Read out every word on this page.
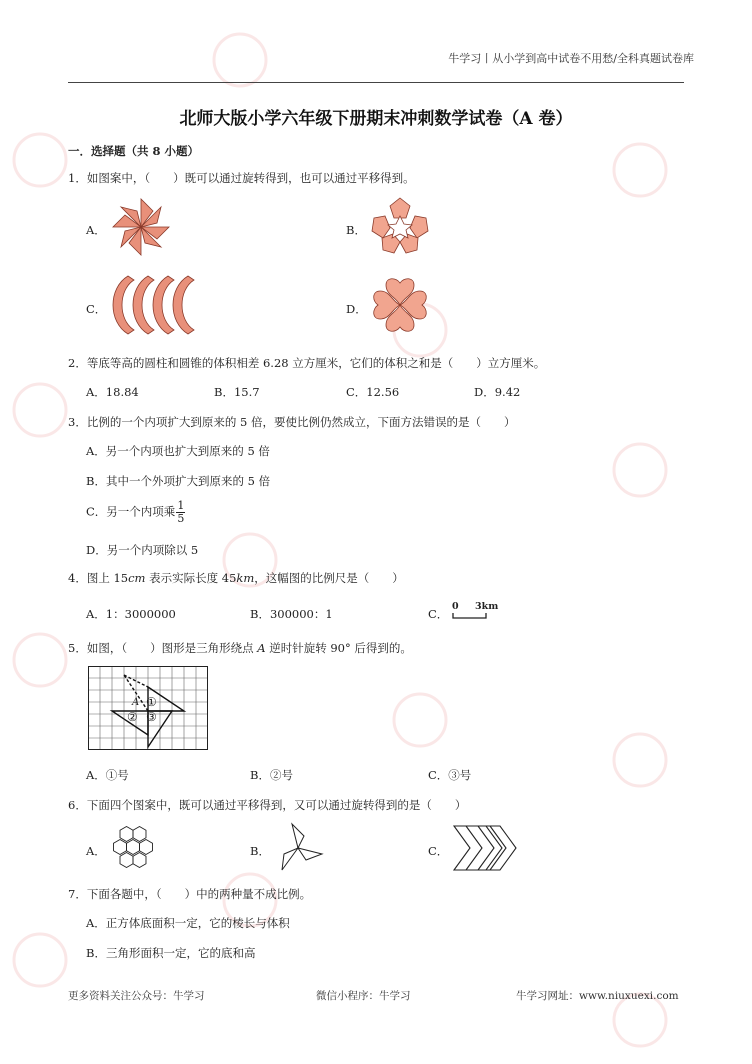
牛学习丨从小学到高中试卷不用愁/全科真题试卷库
北师大版小学六年级下册期末冲刺数学试卷（A 卷）
一．选择题（共 8 小题）
1．如图案中，（　　）既可以通过旋转得到，也可以通过平移得到。
A．	B．
C．	D．
2．等底等高的圆柱和圆锥的体积相差 6.28 立方厘米，它们的体积之和是（　　）立方厘米。
A．18.84	B．15.7	C．12.56	D．9.42
3．比例的一个内项扩大到原来的 5 倍，要使比例仍然成立，下面方法错误的是（　　）
A．另一个内项也扩大到原来的 5 倍
B．其中一个外项扩大到原来的 5 倍
C．另一个内项乘 $\frac{1}{5}$
D．另一个内项除以 5
4．图上 15cm 表示实际长度 45km，这幅图的比例尺是（　　）
A．1：3000000	B．300000：1	C．
0 3km
5．如图，（　　）图形是三角形绕点 A 逆时针旋转 90° 后得到的。
A ①
② ③
A．①号	B．②号	C．③号
6．下面四个图案中，既可以通过平移得到，又可以通过旋转得到的是（　　）
A．	B．	C．
7．下面各题中，（　　）中的两种量不成比例。
A．正方体底面积一定，它的棱长与体积
B．三角形面积一定，它的底和高
更多资料关注公众号：牛学习	微信小程序：牛学习	牛学习网址：www.niuxuexi.com
